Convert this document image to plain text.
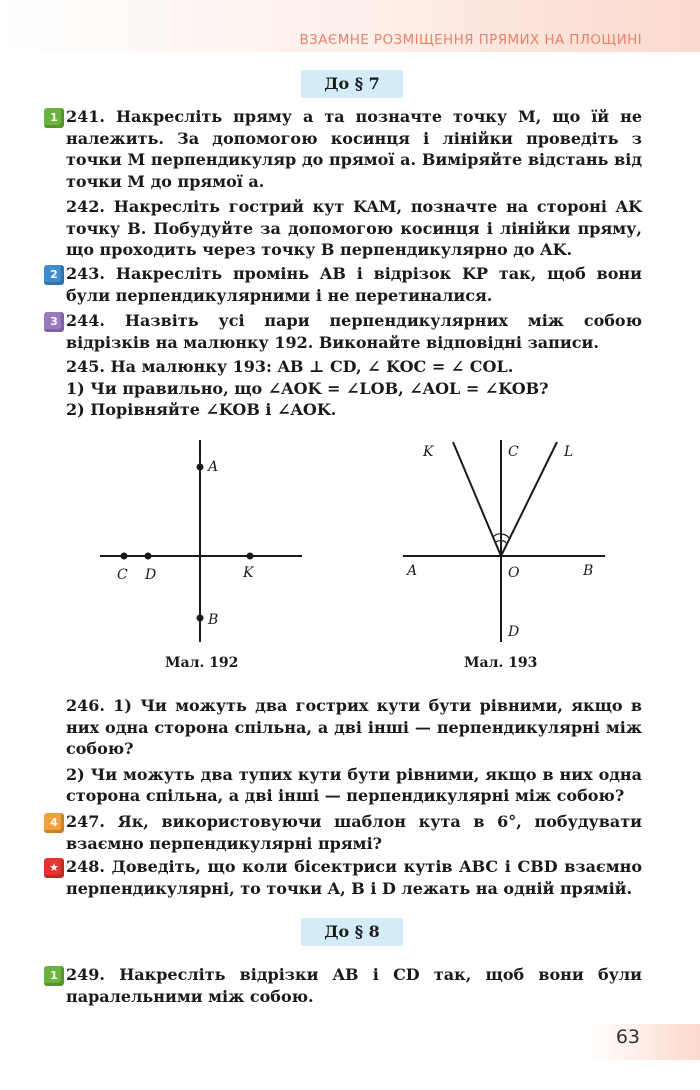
ВЗАЄМНЕ РОЗМІЩЕННЯ ПРЯМИХ НА ПЛОЩИНІ
До § 7
1 241. Накресліть пряму a та позначте точку M, що їй не належить. За допомогою косинця і лінійки проведіть з точки M перпендикуляр до прямої a. Виміряйте відстань від точки M до прямої a.

242. Накресліть гострий кут KAM, позначте на стороні AK точку B. Побудуйте за допомогою косинця і лінійки пряму, що проходить через точку B перпендикулярно до AK.

2 243. Накресліть промінь AB і відрізок KP так, щоб вони були перпендикулярними і не перетиналися.

3 244. Назвіть усі пари перпендикулярних між собою відрізків на малюнку 192. Виконайте відповідні записи.

245. На малюнку 193: AB ⊥ CD, ∠ KOC = ∠ COL.
1) Чи правильно, що ∠AOK = ∠LOB, ∠AOL = ∠KOB?
2) Порівняйте ∠KOB і ∠AOK.
A
B
C D	K
Мал. 192
K	C	L
A	O	B
D
Мал. 193
246. 1) Чи можуть два гострих кути бути рівними, якщо в них одна сторона спільна, а дві інші — перпендикулярні між собою?
2) Чи можуть два тупих кути бути рівними, якщо в них одна сторона спільна, а дві інші — перпендикулярні між собою?
4 247. Як, використовуючи шаблон кута в 6°, побудувати взаємно перпендикулярні прямі?

★ 248. Доведіть, що коли бісектриси кутів ABC і CBD взаємно перпендикулярні, то точки A, B і D лежать на одній прямій.

До § 8
1 249. Накресліть відрізки AB і CD так, щоб вони були паралельними між собою.

63
